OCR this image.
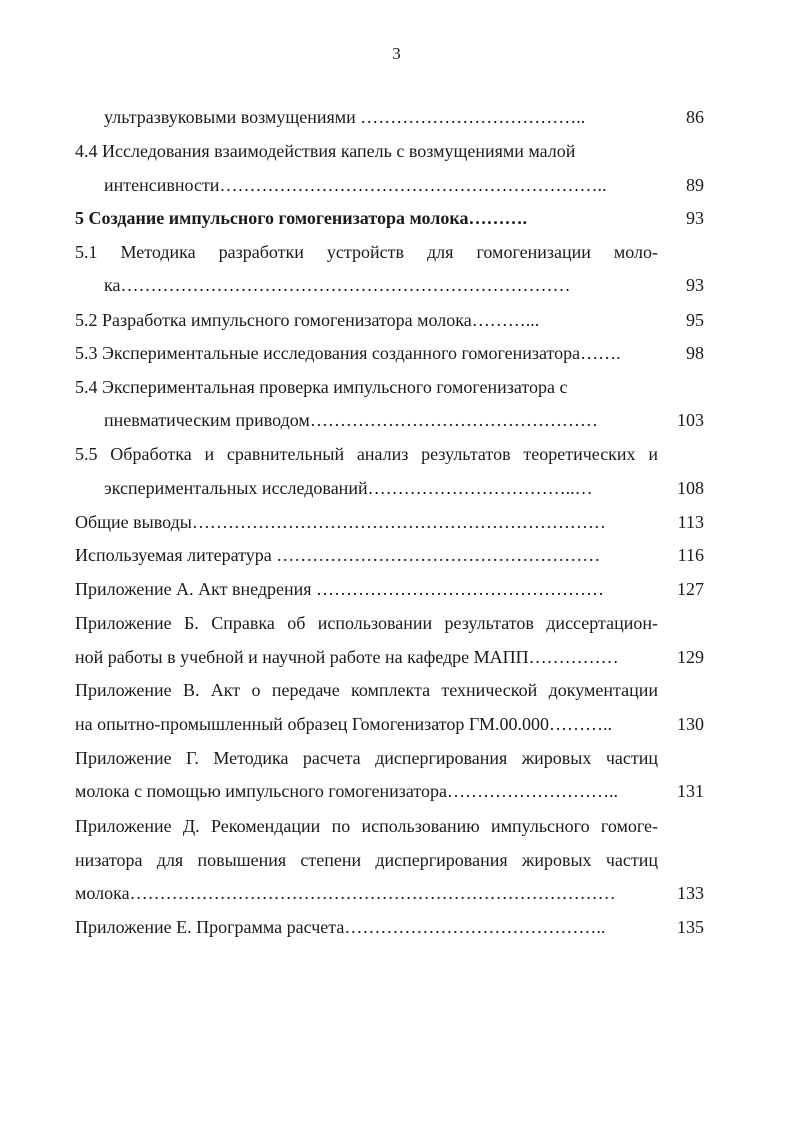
3
ультразвуковыми возмущениями ………………………………..	86
4.4 Исследования взаимодействия капель с возмущениями малой
интенсивности………………………………………………………..	89
5 Создание импульсного гомогенизатора молока……….	93
5.1 Методика разработки устройств для гомогенизации моло-
ка…………………………………………………………………	93
5.2 Разработка импульсного гомогенизатора молока………...	95
5.3 Экспериментальные исследования созданного гомогенизатора…….	98
5.4 Экспериментальная проверка импульсного гомогенизатора с
пневматическим приводом…………………………………………	103
5.5 Обработка и сравнительный анализ результатов теоретических и
экспериментальных исследований……………………………..…	108
Общие выводы……………………………………………………………	113
Используемая литература ………………………………………………	116
Приложение А. Акт внедрения …………………………………………	127
Приложение Б. Справка об использовании результатов диссертацион-
ной работы в учебной и научной работе на кафедре МАПП……………	129
Приложение В. Акт о передаче комплекта технической документации
на опытно-промышленный образец Гомогенизатор ГМ.00.000………..	130
Приложение Г. Методика расчета диспергирования жировых частиц
молока с помощью импульсного гомогенизатора………………………..	131
Приложение Д. Рекомендации по использованию импульсного гомоге-
низатора для повышения степени диспергирования жировых частиц
молока………………………………………………………………………	133
Приложение Е. Программа расчета……………………………………..	135
